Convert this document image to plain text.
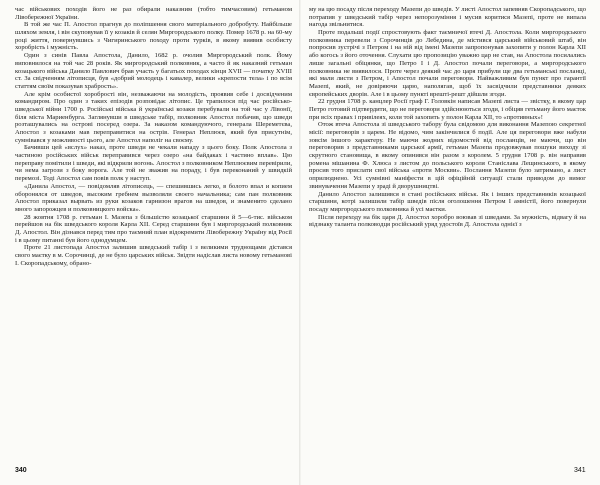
час військових походів його не раз обирали наказним (тобто тимчасовим) гетьманом Лівобережної України.

В той же час П. Апостол прагнув до поліпшення свого матеріального добробуту. Найбільше шляхом земля, і він скуповував її у козаків й селян Миргородського полку. Помер 1678 р. на 60-му році життя, повернувшись з Чигиринського походу проти турків, в якому виявив особисту хоробрість і мужність.

Один з синів Павла Апостола, Данило, 1682 р. очолив Миргородський полк. Йому виповнилося на той час 28 років. Як миргородський полковник, а часто й як наказний гетьман козацького війська Данило Павлович брав участь у багатьох походах кінця XVII — початку XVIII ст. За свідченням літописця, був «добрий молодець і кавалер, велики «крепости тела» і по всім статтям своїм показував храбрость».

Але крім особистої хоробрості він, незважаючи на молодість, проявив себе і досвідченим командиром. Про один з таких епізодів розповідає літопис. Це трапилося під час російсько-шведської війни 1700 р. Російські війська й українські козаки перебували на той час у Лівонії, біля міста Мариенбурга. Заглянувши в шведське табір, полковник Апостол побачив, що шведи розташувались на острові посеред озера. За наказом командуючого, генерала Шереметєва, Апостол з козаками мав переправитися на острів. Генерал Неплюєв, який був присутнім, сумнівався у можливості цього, але Апостол наполіг на своєму.

Бачивши цей «вслух» наказ, проте шведи не чекали нападу з цього боку. Полк Апостола з частиною російських військ переправився через озеро «на байдаках і частино вплав». Цю переправу помітили і шведи, які відкрили вогонь. Апостол з полковником Неплюєвим перевірили, чи нема загрози з боку ворога. Але той не зважив на пораду, і був переконаний у швидкій перемозі. Тоді Апостол сам повів полк у наступ.

«Данила Апостол, — повідомляв літописець, — спешившись легко, в болото впал и копием оборонялся от шведов, высоким гребнем вызволяли своего начальника; сам пан полковник Апостол приказал вырвать из руки козаков гарнизон врагов на шведов, и знаменито сделано много запорожцев и полковницкого войска».

28 жовтня 1708 р. гетьман І. Мазепа з більшістю козацької старшини й 5—6-тис. військом перейшов на бік шведського короля Карла XII. Серед старшини був і миргородський полковник Д. Апостол. Він дізнався перед тим про таємний план відокремити Лівобережну Україну від Росії і в цьому питанні був його однодумцем.

Проте 21 листопада Апостол залишив шведський табір і з великими труднощами дістався свого маєтку в м. Сорочинці, де не було царських військ. Звідти надіслав листа новому гетьманові І. Скоропадському, обрано-

му на цю посаду після переходу Мазепи до шведів. У листі Апостол запевняв Скоропадського, що потрапив у шведський табір через непорозуміння і мусив коритися Мазепі, проте не випала нагода звільнитися.

Проте подальші події спростовують факт таємничої втечі Д. Апостола. Коли миргородського полковника перевели з Сорочинців до Лебедина, де містився царський військовий штаб, він попросив зустрічі з Петром і на ній від імені Мазепи запропонував захопити у полон Карла XII або когось з його оточення. Слухати цю пропозицію уважно цар не став, на Апостола посилались лише загальні обіцянки, що Петро І і Д. Апостол почали переговори, а миргородського полковника не виявилося. Проте через деякий час до царя прибули ще два гетьманські посланці, які мали листи з Петром, і Апостол почали переговори. Найважливим був пункт про гарантії Мазепі, який, не довіряючи царю, наполягав, щоб їх засвідчили представники деяких європейських дворів. Але і в цьому пункті врешті-решт дійшли згоди.

22 грудня 1708 р. канцлер Росії граф Г. Головкін написав Мазепі листа — звістку, в якому цар Петро готовий підтвердити, що не переговори здійснюються згоди, і обіцяв гетьману його маєток при всіх правах і привілеях, коли той захопить у полон Карла XII, то «противных»!

Отож втеча Апостола зі шведського табору була свідомою для виконання Мазепою секретної місії: переговорів з царем. Не відомо, чим закінчилися б події. Але ця переговори вже набули зовсім іншого характеру. Не маючи жодних відомостей від посланців, не маючи, що він переговорив з представниками царської армії, гетьман Мазепа продовжував пошуки виходу зі скрутного становища, в якому опинився він разом з королем. 5 грудня 1708 р. він направив ромена мішанина Ф. Хлюса з листом до польського короля Станіслава Лещинського, в якому просив того прислати свої війська «проти Москви». Послання Мазепи було затримано, а лист оприлюднено. Усі сумнівні маніфести в цій офіційній ситуації стали приводом до вимог звинувачення Мазепи у зраді й дворушництві.

Данило Апостол залишився в стані російських військ. Як і інших представників козацької старшини, котрі залишили табір шведів після оголошення Петром І амністії, його повернули посаду миргородського полковника й усі маєтки.

Після переходу на бік царя Д. Апостол хоробро воював зі шведами. За мужність, відвагу й на відзнаку таланта полководця російський уряд удостоїв Д. Апостола однієї з

340	341
